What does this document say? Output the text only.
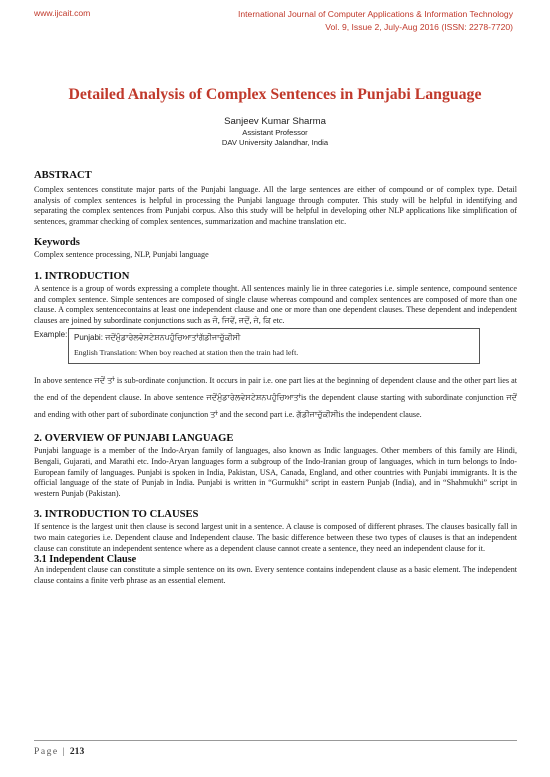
www.ijcait.com	International Journal of Computer Applications & Information Technology
Vol. 9, Issue 2, July-Aug 2016 (ISSN: 2278-7720)
Detailed Analysis of Complex Sentences in Punjabi Language
Sanjeev Kumar Sharma
Assistant Professor
DAV University Jalandhar, India
ABSTRACT

Complex sentences constitute major parts of the Punjabi language. All the large sentences are either of compound or of complex type. Detail analysis of complex sentences is helpful in processing the Punjabi language through computer. This study will be helpful in identifying and separating the complex sentences from Punjabi corpus. Also this study will be helpful in developing other NLP applications like simplification of sentences, grammar checking of complex sentences, summarization and machine translation etc.

Keywords

Complex sentence processing, NLP, Punjabi language

1. INTRODUCTION

A sentence is a group of words expressing a complete thought. All sentences mainly lie in three categories i.e. simple sentence, compound sentence and complex sentence. Simple sentences are composed of single clause whereas compound and complex sentences are composed of more than one clause. A complex sentencecontains at least one independent clause and one or more than one dependent clauses. These dependent and independent clauses are joined by subordinate conjunctions such as ਜੋ, ਜਿਵੇਂ, ਜਦੋਂ, ਜੇ, ਕਿ etc.

Example: Punjabi: ਜਦੋਂਮੁੰਡਾਰੇਲਵੇਸਟੇਸ਼ਨਪਹੁੰਚਿਆਤਾਂਗੱਡੀਜਾਚੁੱਕੀਸੀ
English Translation: When boy reached at station then the train had left.

In above sentence ਜਦੋਂ ਤਾਂ is sub-ordinate conjunction. It occurs in pair i.e. one part lies at the beginning of dependent clause and the other part lies at the end of the dependent clause. In above sentence ਜਦੋਂਮੁੰਡਾਰੇਲਵੇਸਟੇਸ਼ਨਪਹੁੰਚਿਆਤਾਂis the dependent clause starting with subordinate conjunction ਜਦੋਂ and ending with other part of subordinate conjunction ਤਾਂ and the second part i.e. ਗੱਡੀਜਾਚੁੱਕੀਸੀis the independent clause.

2. OVERVIEW OF PUNJABI LANGUAGE

Punjabi language is a member of the Indo-Aryan family of languages, also known as Indic languages. Other members of this family are Hindi, Bengali, Gujarati, and Marathi etc. Indo-Aryan languages form a subgroup of the Indo-Iranian group of languages, which in turn belongs to Indo-European family of languages. Punjabi is spoken in India, Pakistan, USA, Canada, England, and other countries with Punjabi immigrants. It is the official language of the state of Punjab in India. Punjabi is written in “Gurmukhi” script in eastern Punjab (India), and in “Shahmukhi” script in western Punjab (Pakistan).

3. INTRODUCTION TO CLAUSES

If sentence is the largest unit then clause is second largest unit in a sentence. A clause is composed of different phrases. The clauses basically fall in two main categories i.e. Dependent clause and Independent clause. The basic difference between these two types of clauses is that an independent clause can constitute an independent sentence where as a dependent clause cannot create a sentence, they need an independent clause for it.

3.1 Independent Clause

An independent clause can constitute a simple sentence on its own. Every sentence contains independent clause as a basic element. The independent clause contains a finite verb phrase as an essential element.

Page | 213
